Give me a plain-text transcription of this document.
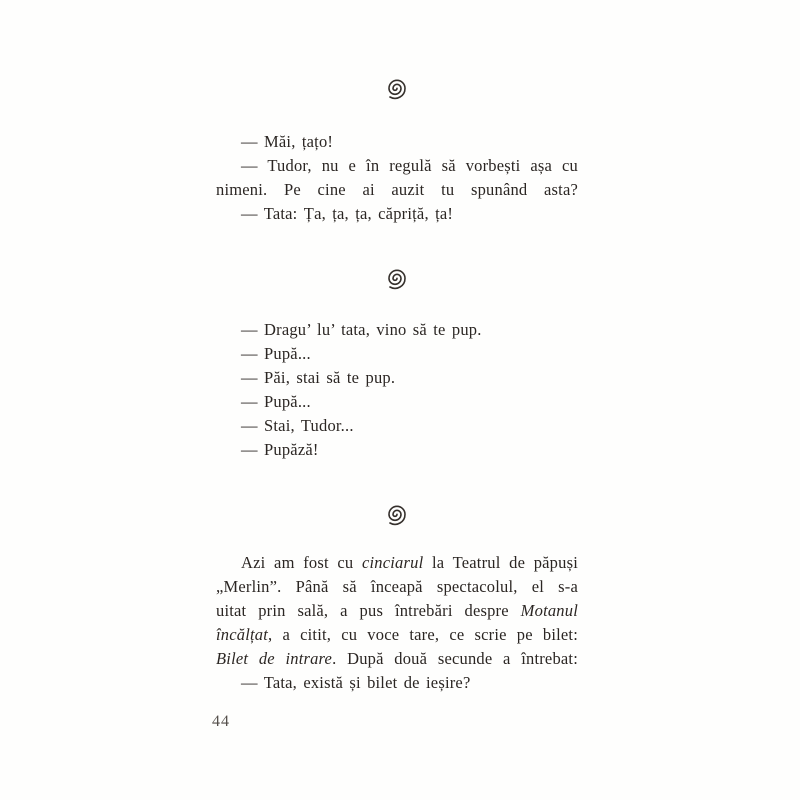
— Măi, țațo!
— Tudor, nu e în regulă să vorbești așa cu
nimeni. Pe cine ai auzit tu spunând asta?
— Tata: Ța, ța, ța, căpriță, ța!
— Dragu’ lu’ tata, vino să te pup.
— Pupă...
— Păi, stai să te pup.
— Pupă...
— Stai, Tudor...
— Pupăză!
Azi am fost cu cinciarul la Teatrul de păpuși
„Merlin”. Până să înceapă spectacolul, el s-a
uitat prin sală, a pus întrebări despre Motanul
încălțat, a citit, cu voce tare, ce scrie pe bilet:
Bilet de intrare. După două secunde a întrebat:
— Tata, există și bilet de ieșire?
44
